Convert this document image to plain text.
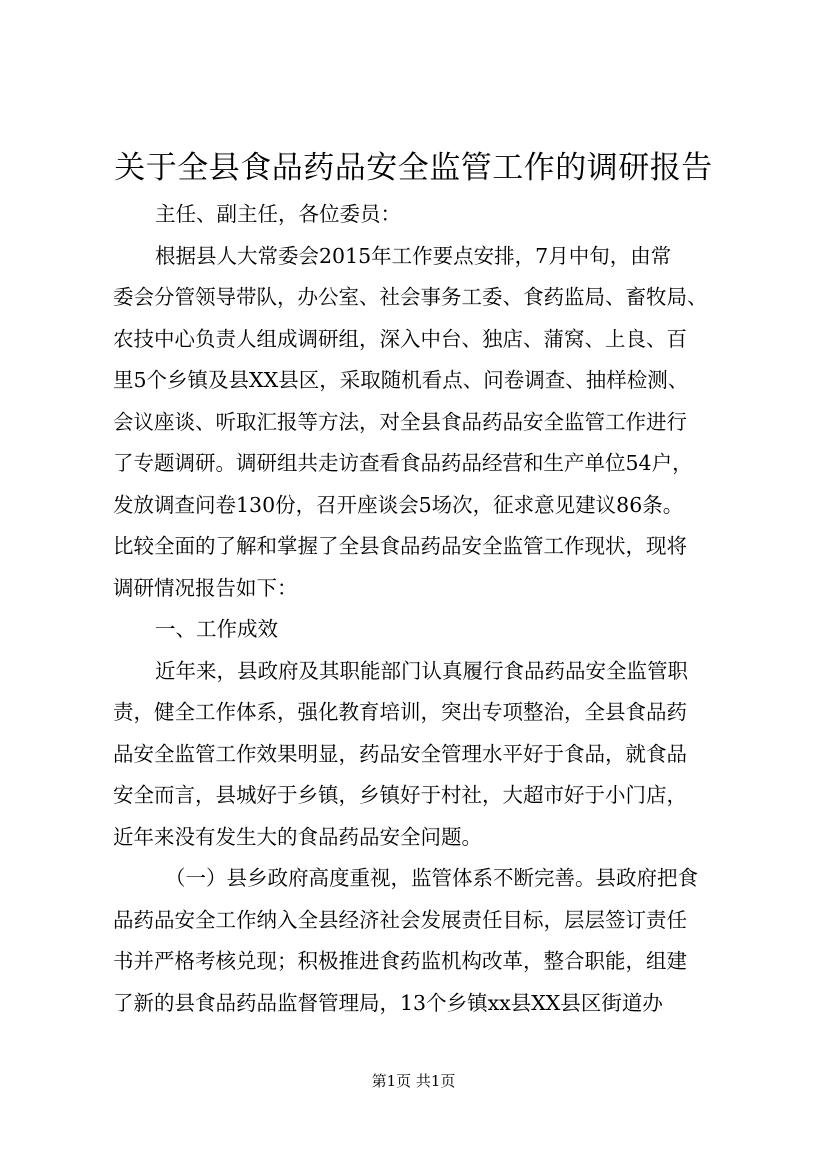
关于全县食品药品安全监管工作的调研报告
主任、副主任，各位委员：
根据县人大常委会2015年工作要点安排，7月中旬，由常
委会分管领导带队，办公室、社会事务工委、食药监局、畜牧局、
农技中心负责人组成调研组，深入中台、独店、蒲窝、上良、百
里5个乡镇及县XX县区，采取随机看点、问卷调查、抽样检测、
会议座谈、听取汇报等方法，对全县食品药品安全监管工作进行
了专题调研。调研组共走访查看食品药品经营和生产单位54户，
发放调查问卷130份，召开座谈会5场次，征求意见建议86条。
比较全面的了解和掌握了全县食品药品安全监管工作现状，现将
调研情况报告如下：
一、工作成效
近年来，县政府及其职能部门认真履行食品药品安全监管职
责，健全工作体系，强化教育培训，突出专项整治，全县食品药
品安全监管工作效果明显，药品安全管理水平好于食品，就食品
安全而言，县城好于乡镇，乡镇好于村社，大超市好于小门店，
近年来没有发生大的食品药品安全问题。
（一）县乡政府高度重视，监管体系不断完善。县政府把食
品药品安全工作纳入全县经济社会发展责任目标，层层签订责任
书并严格考核兑现；积极推进食药监机构改革，整合职能，组建
了新的县食品药品监督管理局，13个乡镇xx县XX县区街道办
第1页 共1页
